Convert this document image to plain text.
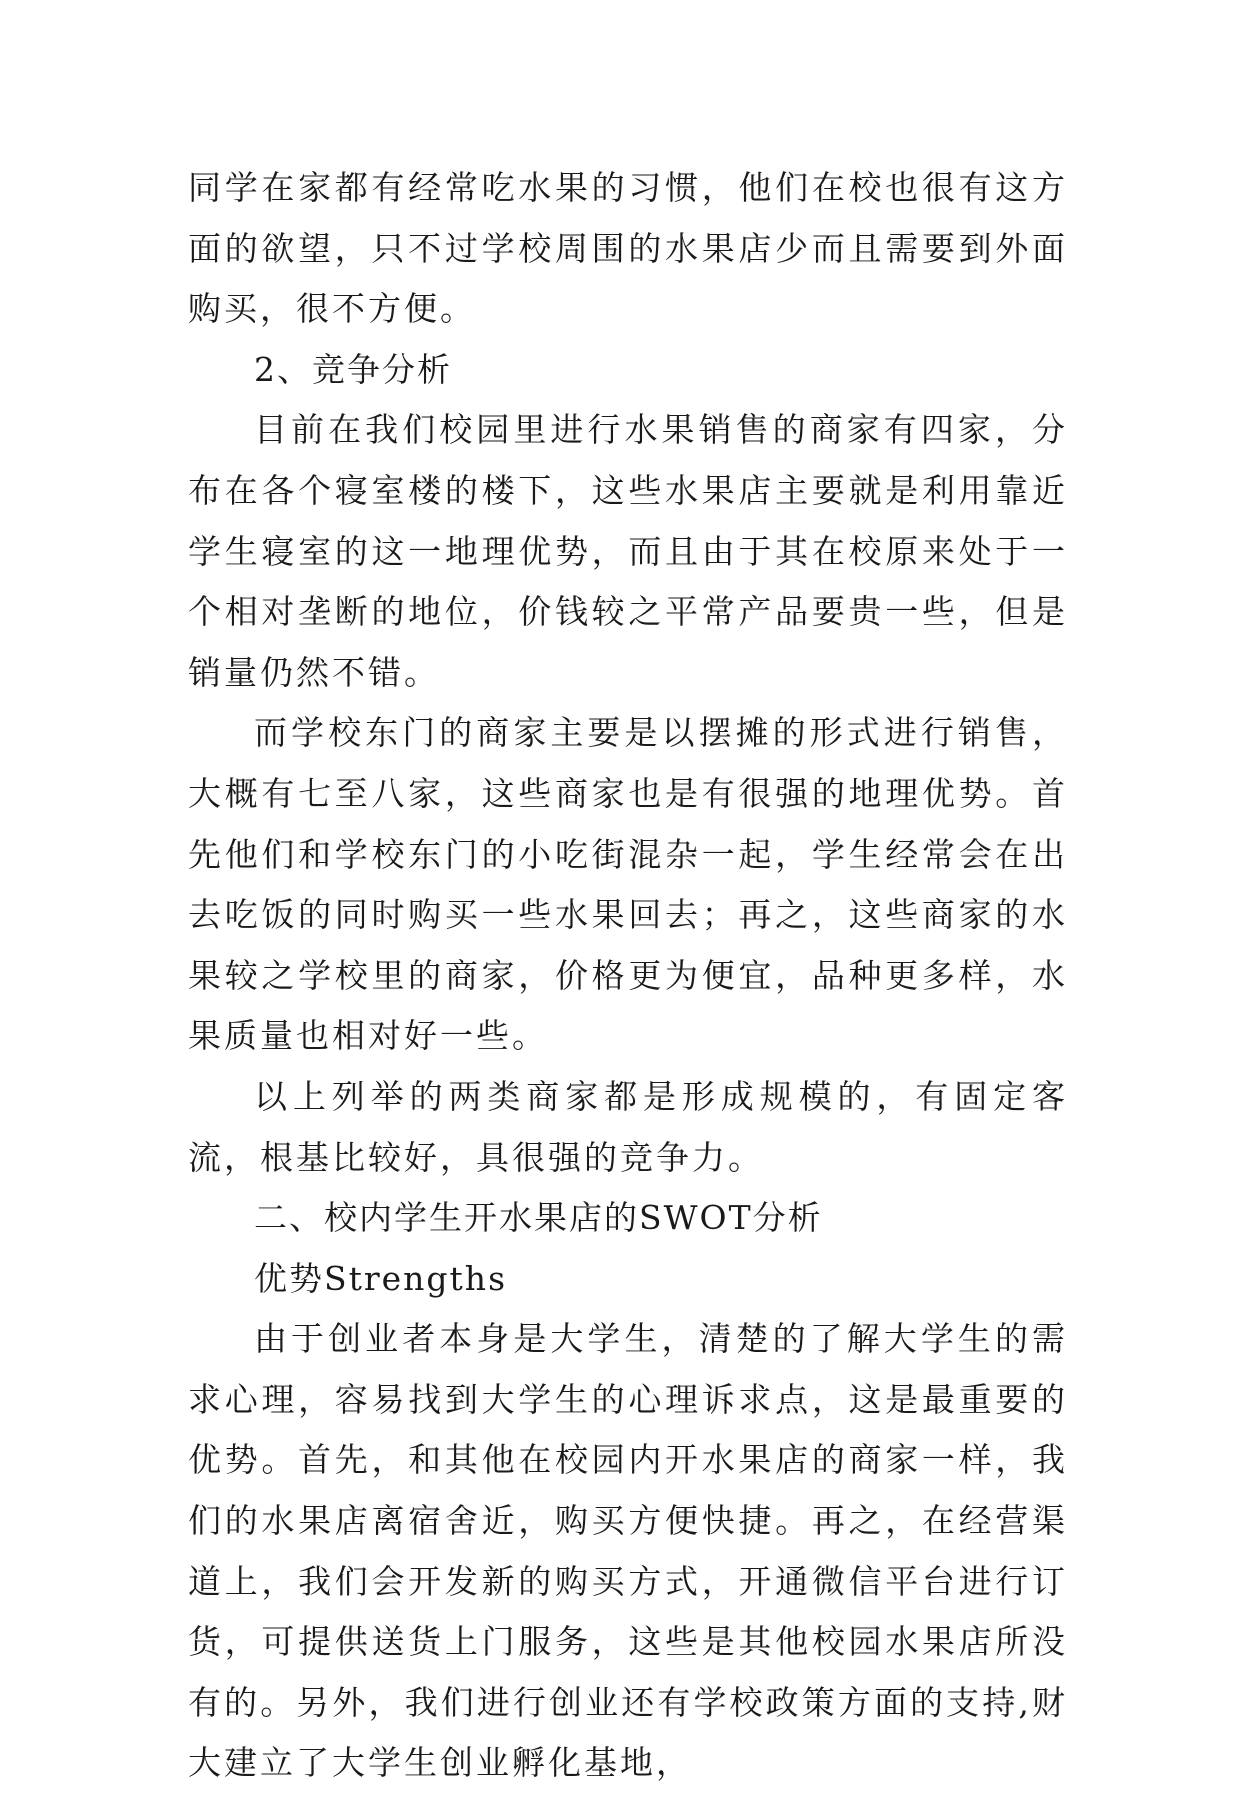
同学在家都有经常吃水果的习惯，他们在校也很有这方面的欲望，只不过学校周围的水果店少而且需要到外面购买，很不方便。

2、竞争分析

目前在我们校园里进行水果销售的商家有四家，分布在各个寝室楼的楼下，这些水果店主要就是利用靠近学生寝室的这一地理优势，而且由于其在校原来处于一个相对垄断的地位，价钱较之平常产品要贵一些，但是销量仍然不错。

而学校东门的商家主要是以摆摊的形式进行销售，大概有七至八家，这些商家也是有很强的地理优势。首先他们和学校东门的小吃街混杂一起，学生经常会在出去吃饭的同时购买一些水果回去；再之，这些商家的水果较之学校里的商家，价格更为便宜，品种更多样，水果质量也相对好一些。

以上列举的两类商家都是形成规模的，有固定客流，根基比较好，具很强的竞争力。

二、校内学生开水果店的SWOT分析

优势Strengths

由于创业者本身是大学生，清楚的了解大学生的需求心理，容易找到大学生的心理诉求点，这是最重要的优势。首先，和其他在校园内开水果店的商家一样，我们的水果店离宿舍近，购买方便快捷。再之，在经营渠道上，我们会开发新的购买方式，开通微信平台进行订货，可提供送货上门服务，这些是其他校园水果店所没有的。另外，我们进行创业还有学校政策方面的支持,财大建立了大学生创业孵化基地，
